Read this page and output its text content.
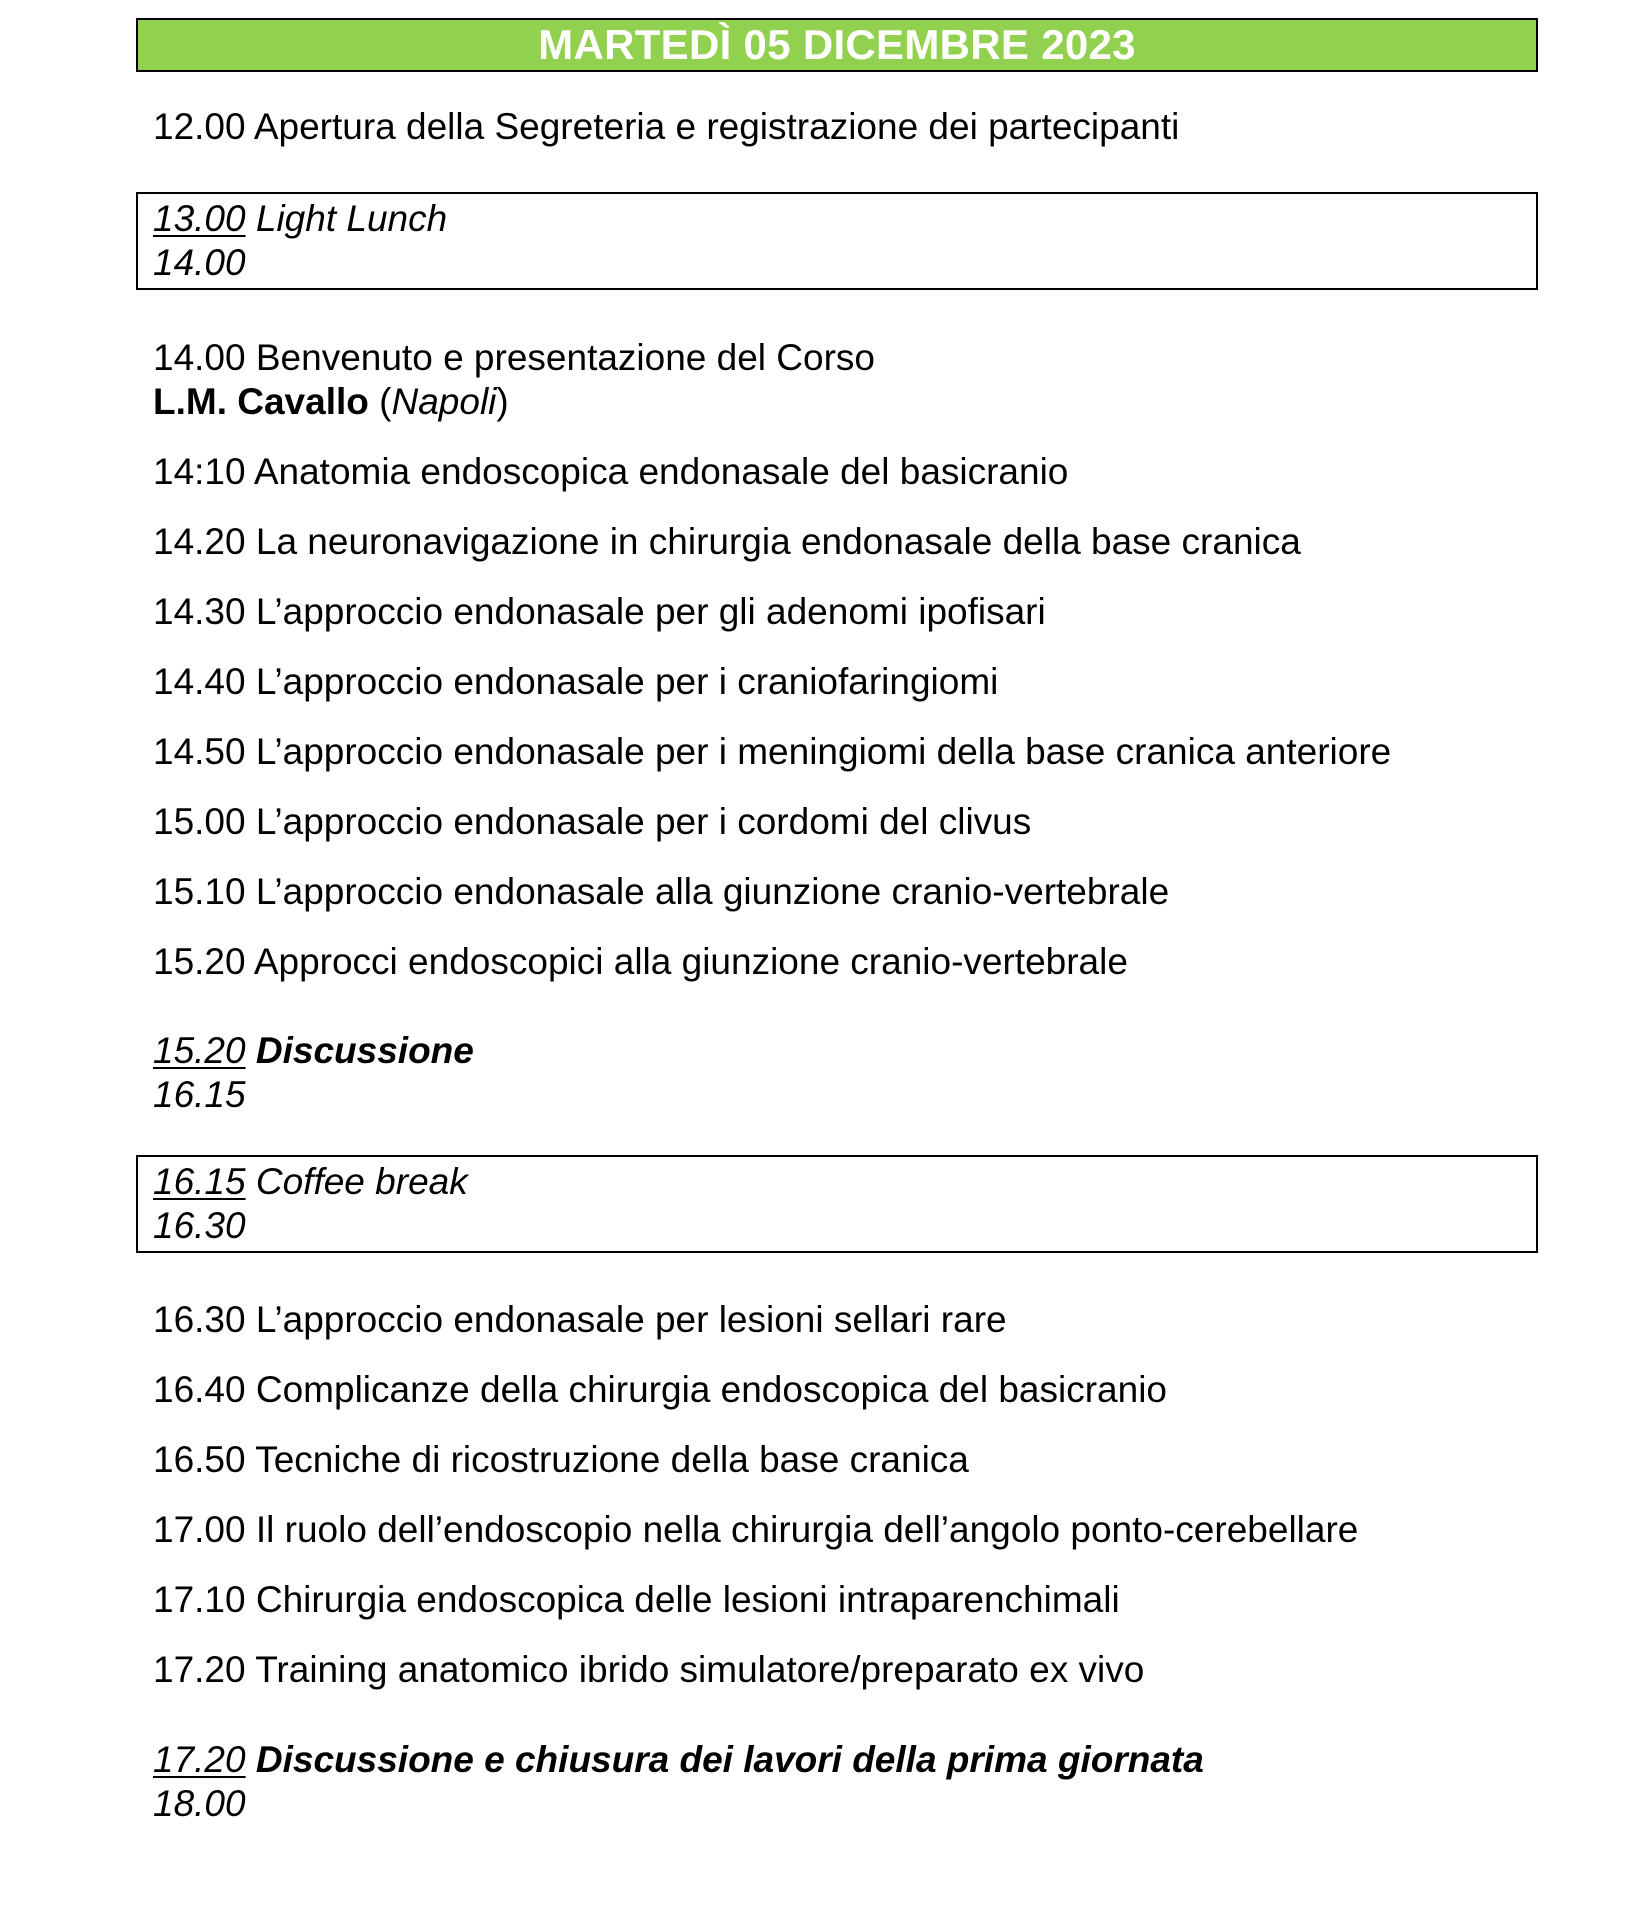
MARTEDÌ 05 DICEMBRE 2023
12.00 Apertura della Segreteria e registrazione dei partecipanti
13.00 Light Lunch
14.00
14.00 Benvenuto e presentazione del Corso
L.M. Cavallo (Napoli)
14:10 Anatomia endoscopica endonasale del basicranio
14.20 La neuronavigazione in chirurgia endonasale della base cranica
14.30 L’approccio endonasale per gli adenomi ipofisari
14.40 L’approccio endonasale per i craniofaringiomi
14.50 L’approccio endonasale per i meningiomi della base cranica anteriore
15.00 L’approccio endonasale per i cordomi del clivus
15.10 L’approccio endonasale alla giunzione cranio-vertebrale
15.20 Approcci endoscopici alla giunzione cranio-vertebrale
15.20 Discussione
16.15
16.15 Coffee break
16.30
16.30 L’approccio endonasale per lesioni sellari rare
16.40 Complicanze della chirurgia endoscopica del basicranio
16.50 Tecniche di ricostruzione della base cranica
17.00 Il ruolo dell’endoscopio nella chirurgia dell’angolo ponto-cerebellare
17.10 Chirurgia endoscopica delle lesioni intraparenchimali
17.20 Training anatomico ibrido simulatore/preparato ex vivo
17.20 Discussione e chiusura dei lavori della prima giornata
18.00
